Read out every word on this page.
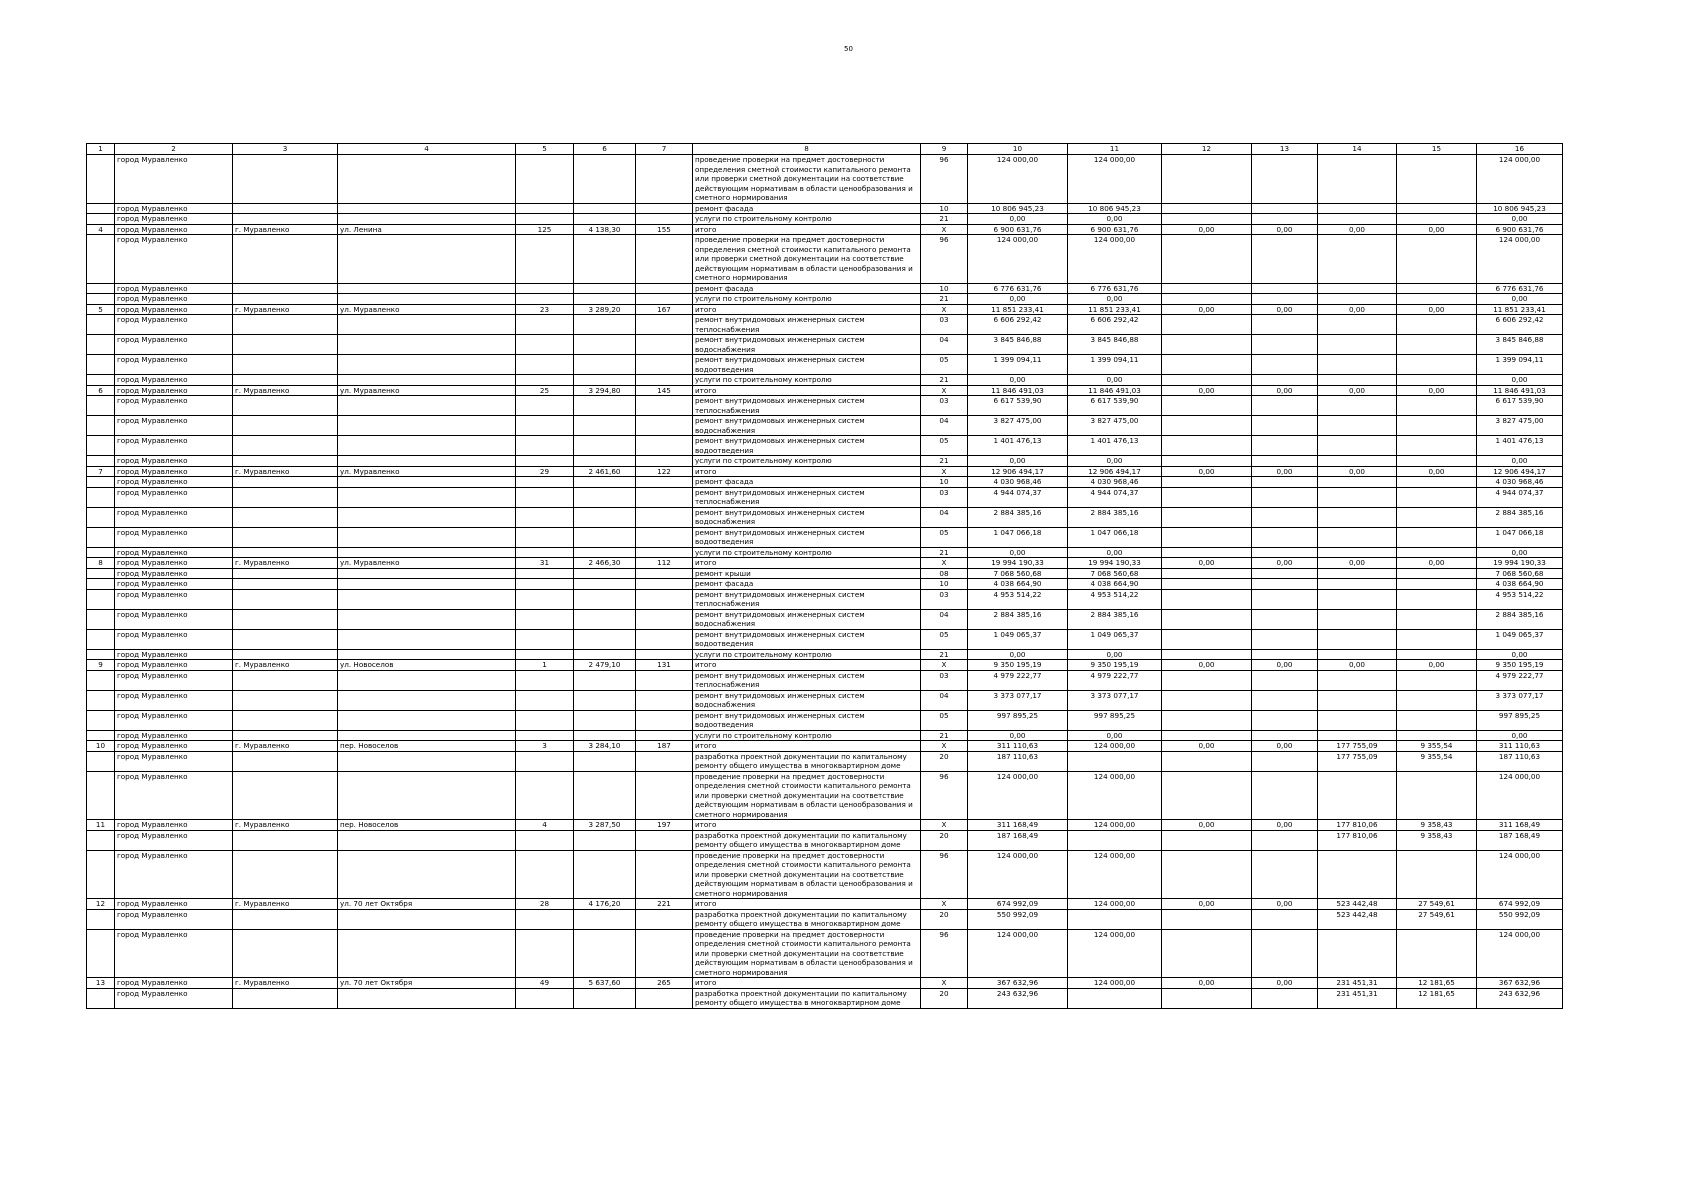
50
1	2	3	4	5	6	7	8	9	10	11	12	13	14	15	16
	город Муравленко						проведение проверки на предмет достоверности определения сметной стоимости капитального ремонта или проверки сметной документации на соответствие действующим нормативам в области ценообразования и сметного нормирования	96	124 000,00	124 000,00					124 000,00
	город Муравленко						ремонт фасада	10	10 806 945,23	10 806 945,23					10 806 945,23
	город Муравленко						услуги по строительному контролю	21	0,00	0,00					0,00
4	город Муравленко	г. Муравленко	ул. Ленина	125	4 138,30	155	итого	Х	6 900 631,76	6 900 631,76	0,00	0,00	0,00	0,00	6 900 631,76
	город Муравленко						проведение проверки на предмет достоверности определения сметной стоимости капитального ремонта или проверки сметной документации на соответствие действующим нормативам в области ценообразования и сметного нормирования	96	124 000,00	124 000,00					124 000,00
	город Муравленко						ремонт фасада	10	6 776 631,76	6 776 631,76					6 776 631,76
	город Муравленко						услуги по строительному контролю	21	0,00	0,00					0,00
5	город Муравленко	г. Муравленко	ул. Муравленко	23	3 289,20	167	итого	Х	11 851 233,41	11 851 233,41	0,00	0,00	0,00	0,00	11 851 233,41
	город Муравленко						ремонт внутридомовых инженерных систем теплоснабжения	03	6 606 292,42	6 606 292,42					6 606 292,42
	город Муравленко						ремонт внутридомовых инженерных систем водоснабжения	04	3 845 846,88	3 845 846,88					3 845 846,88
	город Муравленко						ремонт внутридомовых инженерных систем водоотведения	05	1 399 094,11	1 399 094,11					1 399 094,11
	город Муравленко						услуги по строительному контролю	21	0,00	0,00					0,00
6	город Муравленко	г. Муравленко	ул. Муравленко	25	3 294,80	145	итого	Х	11 846 491,03	11 846 491,03	0,00	0,00	0,00	0,00	11 846 491,03
	город Муравленко						ремонт внутридомовых инженерных систем теплоснабжения	03	6 617 539,90	6 617 539,90					6 617 539,90
	город Муравленко						ремонт внутридомовых инженерных систем водоснабжения	04	3 827 475,00	3 827 475,00					3 827 475,00
	город Муравленко						ремонт внутридомовых инженерных систем водоотведения	05	1 401 476,13	1 401 476,13					1 401 476,13
	город Муравленко						услуги по строительному контролю	21	0,00	0,00					0,00
7	город Муравленко	г. Муравленко	ул. Муравленко	29	2 461,60	122	итого	Х	12 906 494,17	12 906 494,17	0,00	0,00	0,00	0,00	12 906 494,17
	город Муравленко						ремонт фасада	10	4 030 968,46	4 030 968,46					4 030 968,46
	город Муравленко						ремонт внутридомовых инженерных систем теплоснабжения	03	4 944 074,37	4 944 074,37					4 944 074,37
	город Муравленко						ремонт внутридомовых инженерных систем водоснабжения	04	2 884 385,16	2 884 385,16					2 884 385,16
	город Муравленко						ремонт внутридомовых инженерных систем водоотведения	05	1 047 066,18	1 047 066,18					1 047 066,18
	город Муравленко						услуги по строительному контролю	21	0,00	0,00					0,00
8	город Муравленко	г. Муравленко	ул. Муравленко	31	2 466,30	112	итого	Х	19 994 190,33	19 994 190,33	0,00	0,00	0,00	0,00	19 994 190,33
	город Муравленко						ремонт крыши	08	7 068 560,68	7 068 560,68					7 068 560,68
	город Муравленко						ремонт фасада	10	4 038 664,90	4 038 664,90					4 038 664,90
	город Муравленко						ремонт внутридомовых инженерных систем теплоснабжения	03	4 953 514,22	4 953 514,22					4 953 514,22
	город Муравленко						ремонт внутридомовых инженерных систем водоснабжения	04	2 884 385,16	2 884 385,16					2 884 385,16
	город Муравленко						ремонт внутридомовых инженерных систем водоотведения	05	1 049 065,37	1 049 065,37					1 049 065,37
	город Муравленко						услуги по строительному контролю	21	0,00	0,00					0,00
9	город Муравленко	г. Муравленко	ул. Новоселов	1	2 479,10	131	итого	Х	9 350 195,19	9 350 195,19	0,00	0,00	0,00	0,00	9 350 195,19
	город Муравленко						ремонт внутридомовых инженерных систем теплоснабжения	03	4 979 222,77	4 979 222,77					4 979 222,77
	город Муравленко						ремонт внутридомовых инженерных систем водоснабжения	04	3 373 077,17	3 373 077,17					3 373 077,17
	город Муравленко						ремонт внутридомовых инженерных систем водоотведения	05	997 895,25	997 895,25					997 895,25
	город Муравленко						услуги по строительному контролю	21	0,00	0,00					0,00
10	город Муравленко	г. Муравленко	пер. Новоселов	3	3 284,10	187	итого	Х	311 110,63	124 000,00	0,00	0,00	177 755,09	9 355,54	311 110,63
	город Муравленко						разработка проектной документации по капитальному ремонту общего имущества в многоквартирном доме	20	187 110,63				177 755,09	9 355,54	187 110,63
	город Муравленко						проведение проверки на предмет достоверности определения сметной стоимости капитального ремонта или проверки сметной документации на соответствие действующим нормативам в области ценообразования и сметного нормирования	96	124 000,00	124 000,00					124 000,00
11	город Муравленко	г. Муравленко	пер. Новоселов	4	3 287,50	197	итого	Х	311 168,49	124 000,00	0,00	0,00	177 810,06	9 358,43	311 168,49
	город Муравленко						разработка проектной документации по капитальному ремонту общего имущества в многоквартирном доме	20	187 168,49				177 810,06	9 358,43	187 168,49
	город Муравленко						проведение проверки на предмет достоверности определения сметной стоимости капитального ремонта или проверки сметной документации на соответствие действующим нормативам в области ценообразования и сметного нормирования	96	124 000,00	124 000,00					124 000,00
12	город Муравленко	г. Муравленко	ул. 70 лет Октября	28	4 176,20	221	итого	Х	674 992,09	124 000,00	0,00	0,00	523 442,48	27 549,61	674 992,09
	город Муравленко						разработка проектной документации по капитальному ремонту общего имущества в многоквартирном доме	20	550 992,09				523 442,48	27 549,61	550 992,09
	город Муравленко						проведение проверки на предмет достоверности определения сметной стоимости капитального ремонта или проверки сметной документации на соответствие действующим нормативам в области ценообразования и сметного нормирования	96	124 000,00	124 000,00					124 000,00
13	город Муравленко	г. Муравленко	ул. 70 лет Октября	49	5 637,60	265	итого	Х	367 632,96	124 000,00	0,00	0,00	231 451,31	12 181,65	367 632,96
	город Муравленко						разработка проектной документации по капитальному ремонту общего имущества в многоквартирном доме	20	243 632,96				231 451,31	12 181,65	243 632,96
